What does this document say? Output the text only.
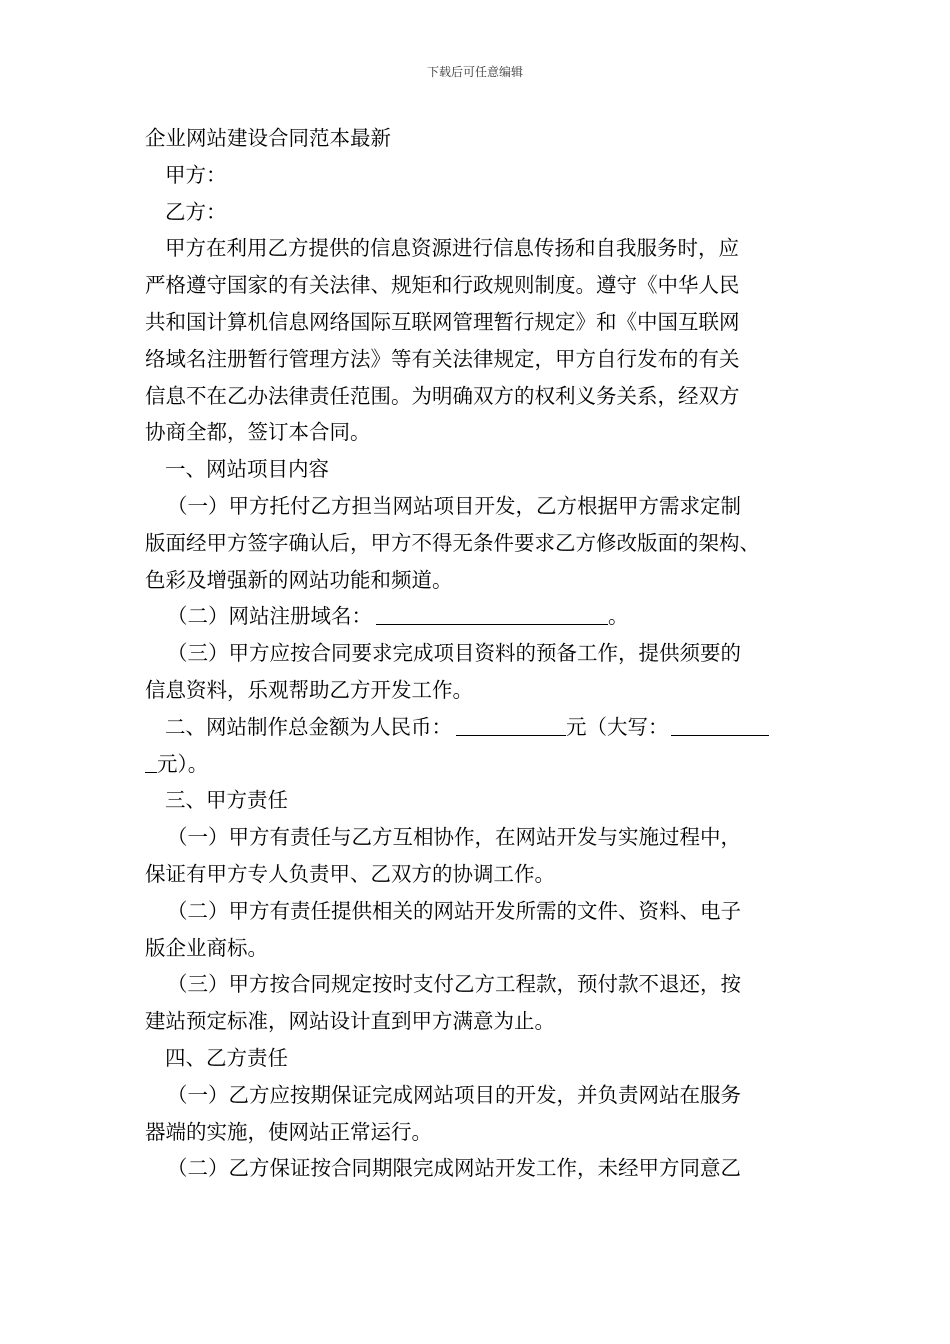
下载后可任意编辑
企业网站建设合同范本最新
甲方：
乙方：
甲方在利用乙方提供的信息资源进行信息传扬和自我服务时，应
严格遵守国家的有关法律、规矩和行政规则制度。遵守《中华人民
共和国计算机信息网络国际互联网管理暂行规定》和《中国互联网
络域名注册暂行管理方法》等有关法律规定，甲方自行发布的有关
信息不在乙办法律责任范围。为明确双方的权利义务关系，经双方
协商全都，签订本合同。
一、网站项目内容
（一）甲方托付乙方担当网站项目开发，乙方根据甲方需求定制
版面经甲方签字确认后，甲方不得无条件要求乙方修改版面的架构、
色彩及增强新的网站功能和频道。
（二）网站注册域名：	。
（三）甲方应按合同要求完成项目资料的预备工作，提供须要的
信息资料，乐观帮助乙方开发工作。
二、网站制作总金额为人民币：	元（大写：
元）。
三、甲方责任
（一）甲方有责任与乙方互相协作，在网站开发与实施过程中，
保证有甲方专人负责甲、乙双方的协调工作。
（二）甲方有责任提供相关的网站开发所需的文件、资料、电子
版企业商标。
（三）甲方按合同规定按时支付乙方工程款，预付款不退还，按
建站预定标准，网站设计直到甲方满意为止。
四、乙方责任
（一）乙方应按期保证完成网站项目的开发，并负责网站在服务
器端的实施，使网站正常运行。
（二）乙方保证按合同期限完成网站开发工作，未经甲方同意乙
